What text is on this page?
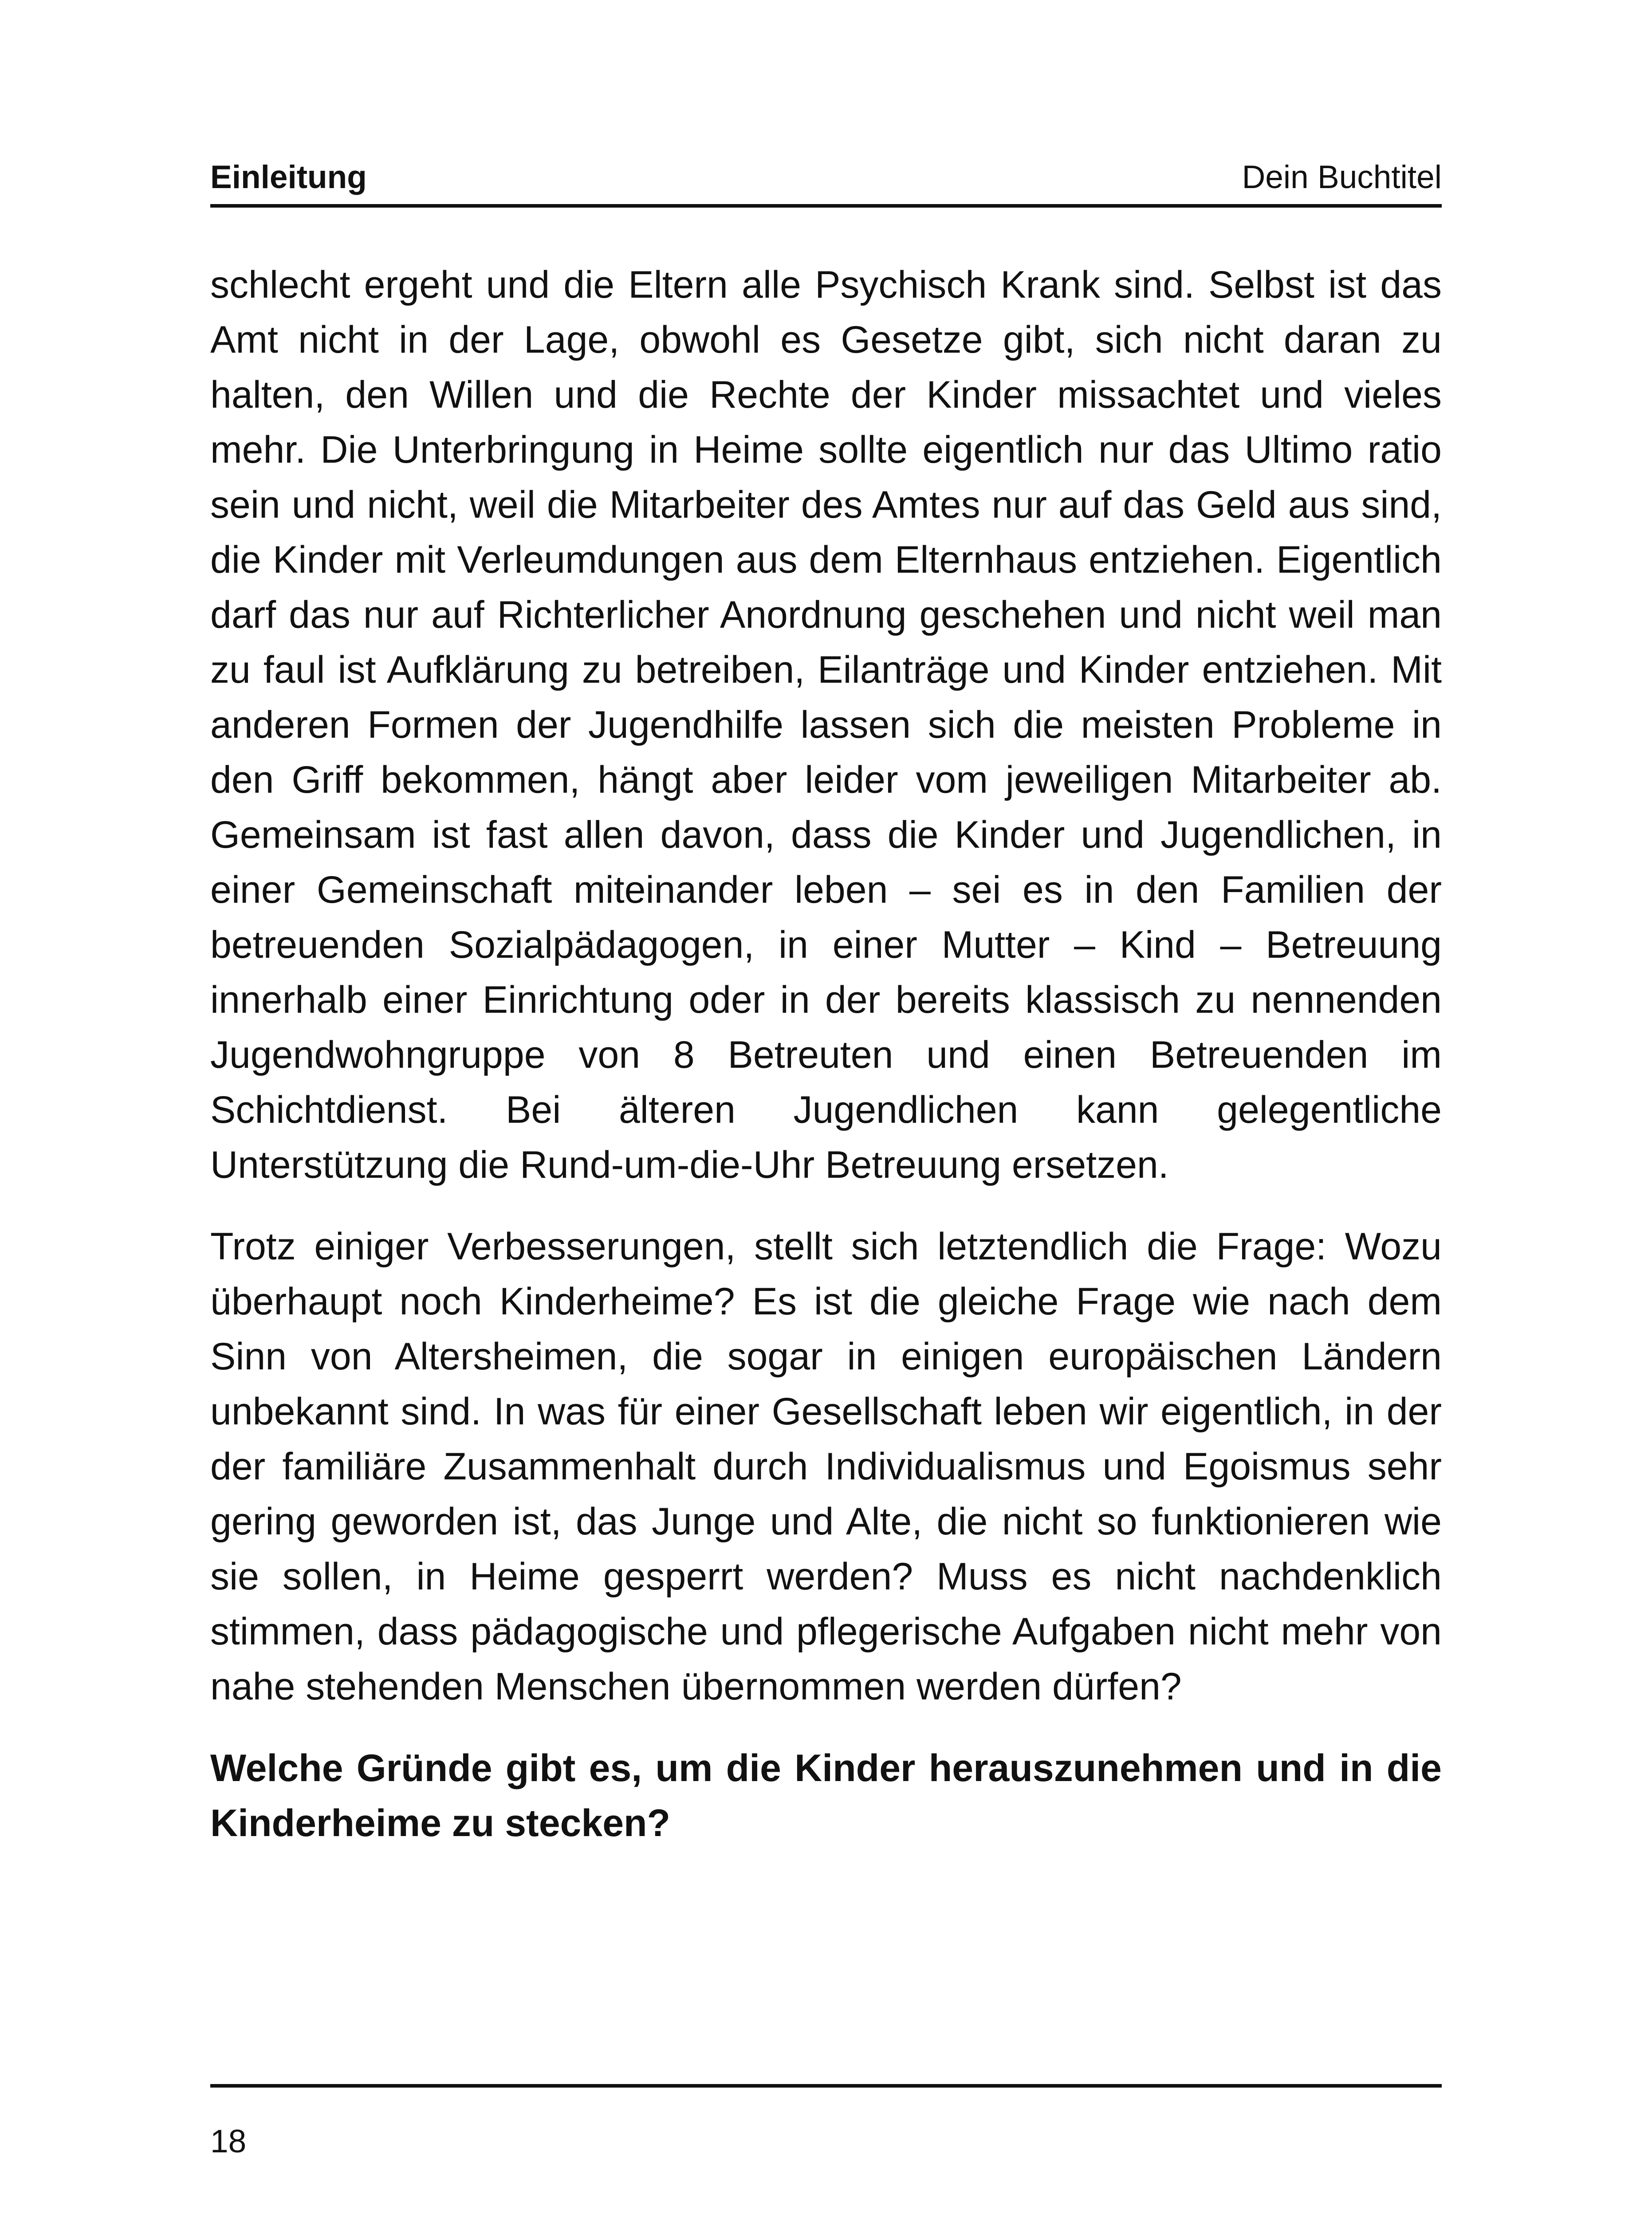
Einleitung	Dein Buchtitel

schlecht ergeht und die Eltern alle Psychisch Krank sind. Selbst ist das Amt nicht in der Lage, obwohl es Gesetze gibt, sich nicht daran zu halten, den Willen und die Rechte der Kinder missachtet und vieles mehr. Die Unterbringung in Heime sollte eigentlich nur das Ultimo ratio sein und nicht, weil die Mitarbeiter des Amtes nur auf das Geld aus sind, die Kinder mit Verleumdungen aus dem Elternhaus entziehen. Eigentlich darf das nur auf Richterlicher Anordnung geschehen und nicht weil man zu faul ist Aufklärung zu betreiben, Eilanträge und Kinder entziehen. Mit anderen Formen der Jugendhilfe lassen sich die meisten Probleme in den Griff bekommen, hängt aber leider vom jeweiligen Mitarbeiter ab. Gemeinsam ist fast allen davon, dass die Kinder und Jugendlichen, in einer Gemeinschaft miteinander leben – sei es in den Familien der betreuenden Sozialpädagogen, in einer Mutter – Kind – Betreuung innerhalb einer Einrichtung oder in der bereits klassisch zu nennenden Jugendwohngruppe von 8 Betreuten und einen Betreuenden im Schichtdienst. Bei älteren Jugendlichen kann gelegentliche Unterstützung die Rund-um-die-Uhr Betreuung ersetzen.

Trotz einiger Verbesserungen, stellt sich letztendlich die Frage: Wozu überhaupt noch Kinderheime? Es ist die gleiche Frage wie nach dem Sinn von Altersheimen, die sogar in einigen europäischen Ländern unbekannt sind. In was für einer Gesellschaft leben wir eigentlich, in der der familiäre Zusammenhalt durch Individualismus und Egoismus sehr gering geworden ist, das Junge und Alte, die nicht so funktionieren wie sie sollen, in Heime gesperrt werden? Muss es nicht nachdenklich stimmen, dass pädagogische und pflegerische Aufgaben nicht mehr von nahe stehenden Menschen übernommen werden dürfen?

Welche Gründe gibt es, um die Kinder herauszunehmen und in die Kinderheime zu stecken?

18
